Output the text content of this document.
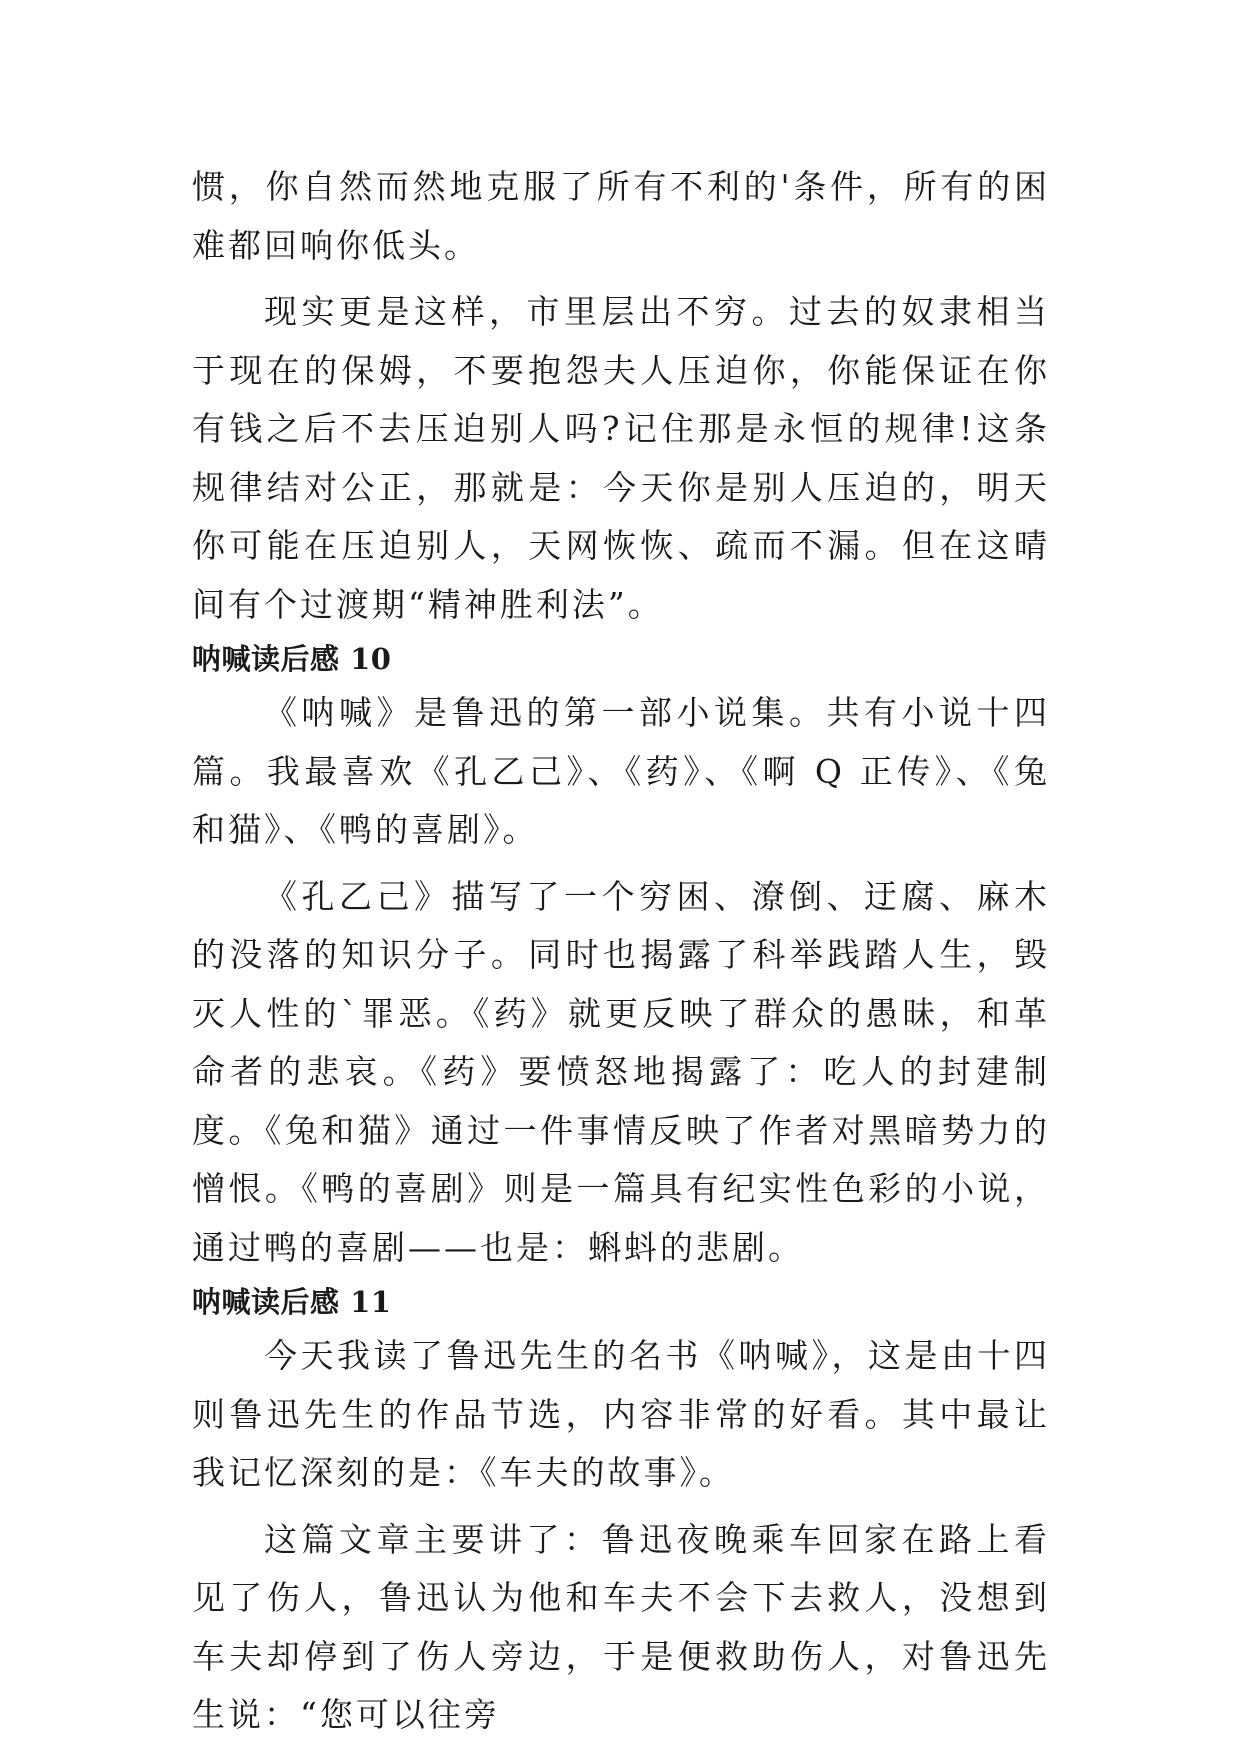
惯，你自然而然地克服了所有不利的'条件，所有的困难都回响你低头。

现实更是这样，市里层出不穷。过去的奴隶相当于现在的保姆，不要抱怨夫人压迫你，你能保证在你有钱之后不去压迫别人吗?记住那是永恒的规律!这条规律结对公正，那就是：今天你是别人压迫的，明天你可能在压迫别人，天网恢恢、疏而不漏。但在这晴间有个过渡期“精神胜利法”。

呐喊读后感 10

《呐喊》是鲁迅的第一部小说集。共有小说十四篇。我最喜欢《孔乙己》、《药》、《啊 Q 正传》、《兔和猫》、《鸭的喜剧》。

《孔乙己》描写了一个穷困、潦倒、迂腐、麻木的没落的知识分子。同时也揭露了科举践踏人生，毁灭人性的`罪恶。《药》就更反映了群众的愚昧，和革命者的悲哀。《药》要愤怒地揭露了：吃人的封建制度。《兔和猫》通过一件事情反映了作者对黑暗势力的憎恨。《鸭的喜剧》则是一篇具有纪实性色彩的小说，通过鸭的喜剧——也是：蝌蚪的悲剧。

呐喊读后感 11

今天我读了鲁迅先生的名书《呐喊》，这是由十四则鲁迅先生的作品节选，内容非常的好看。其中最让我记忆深刻的是：《车夫的故事》。

这篇文章主要讲了：鲁迅夜晚乘车回家在路上看见了伤人，鲁迅认为他和车夫不会下去救人，没想到车夫却停到了伤人旁边，于是便救助伤人，对鲁迅先生说：“您可以往旁
